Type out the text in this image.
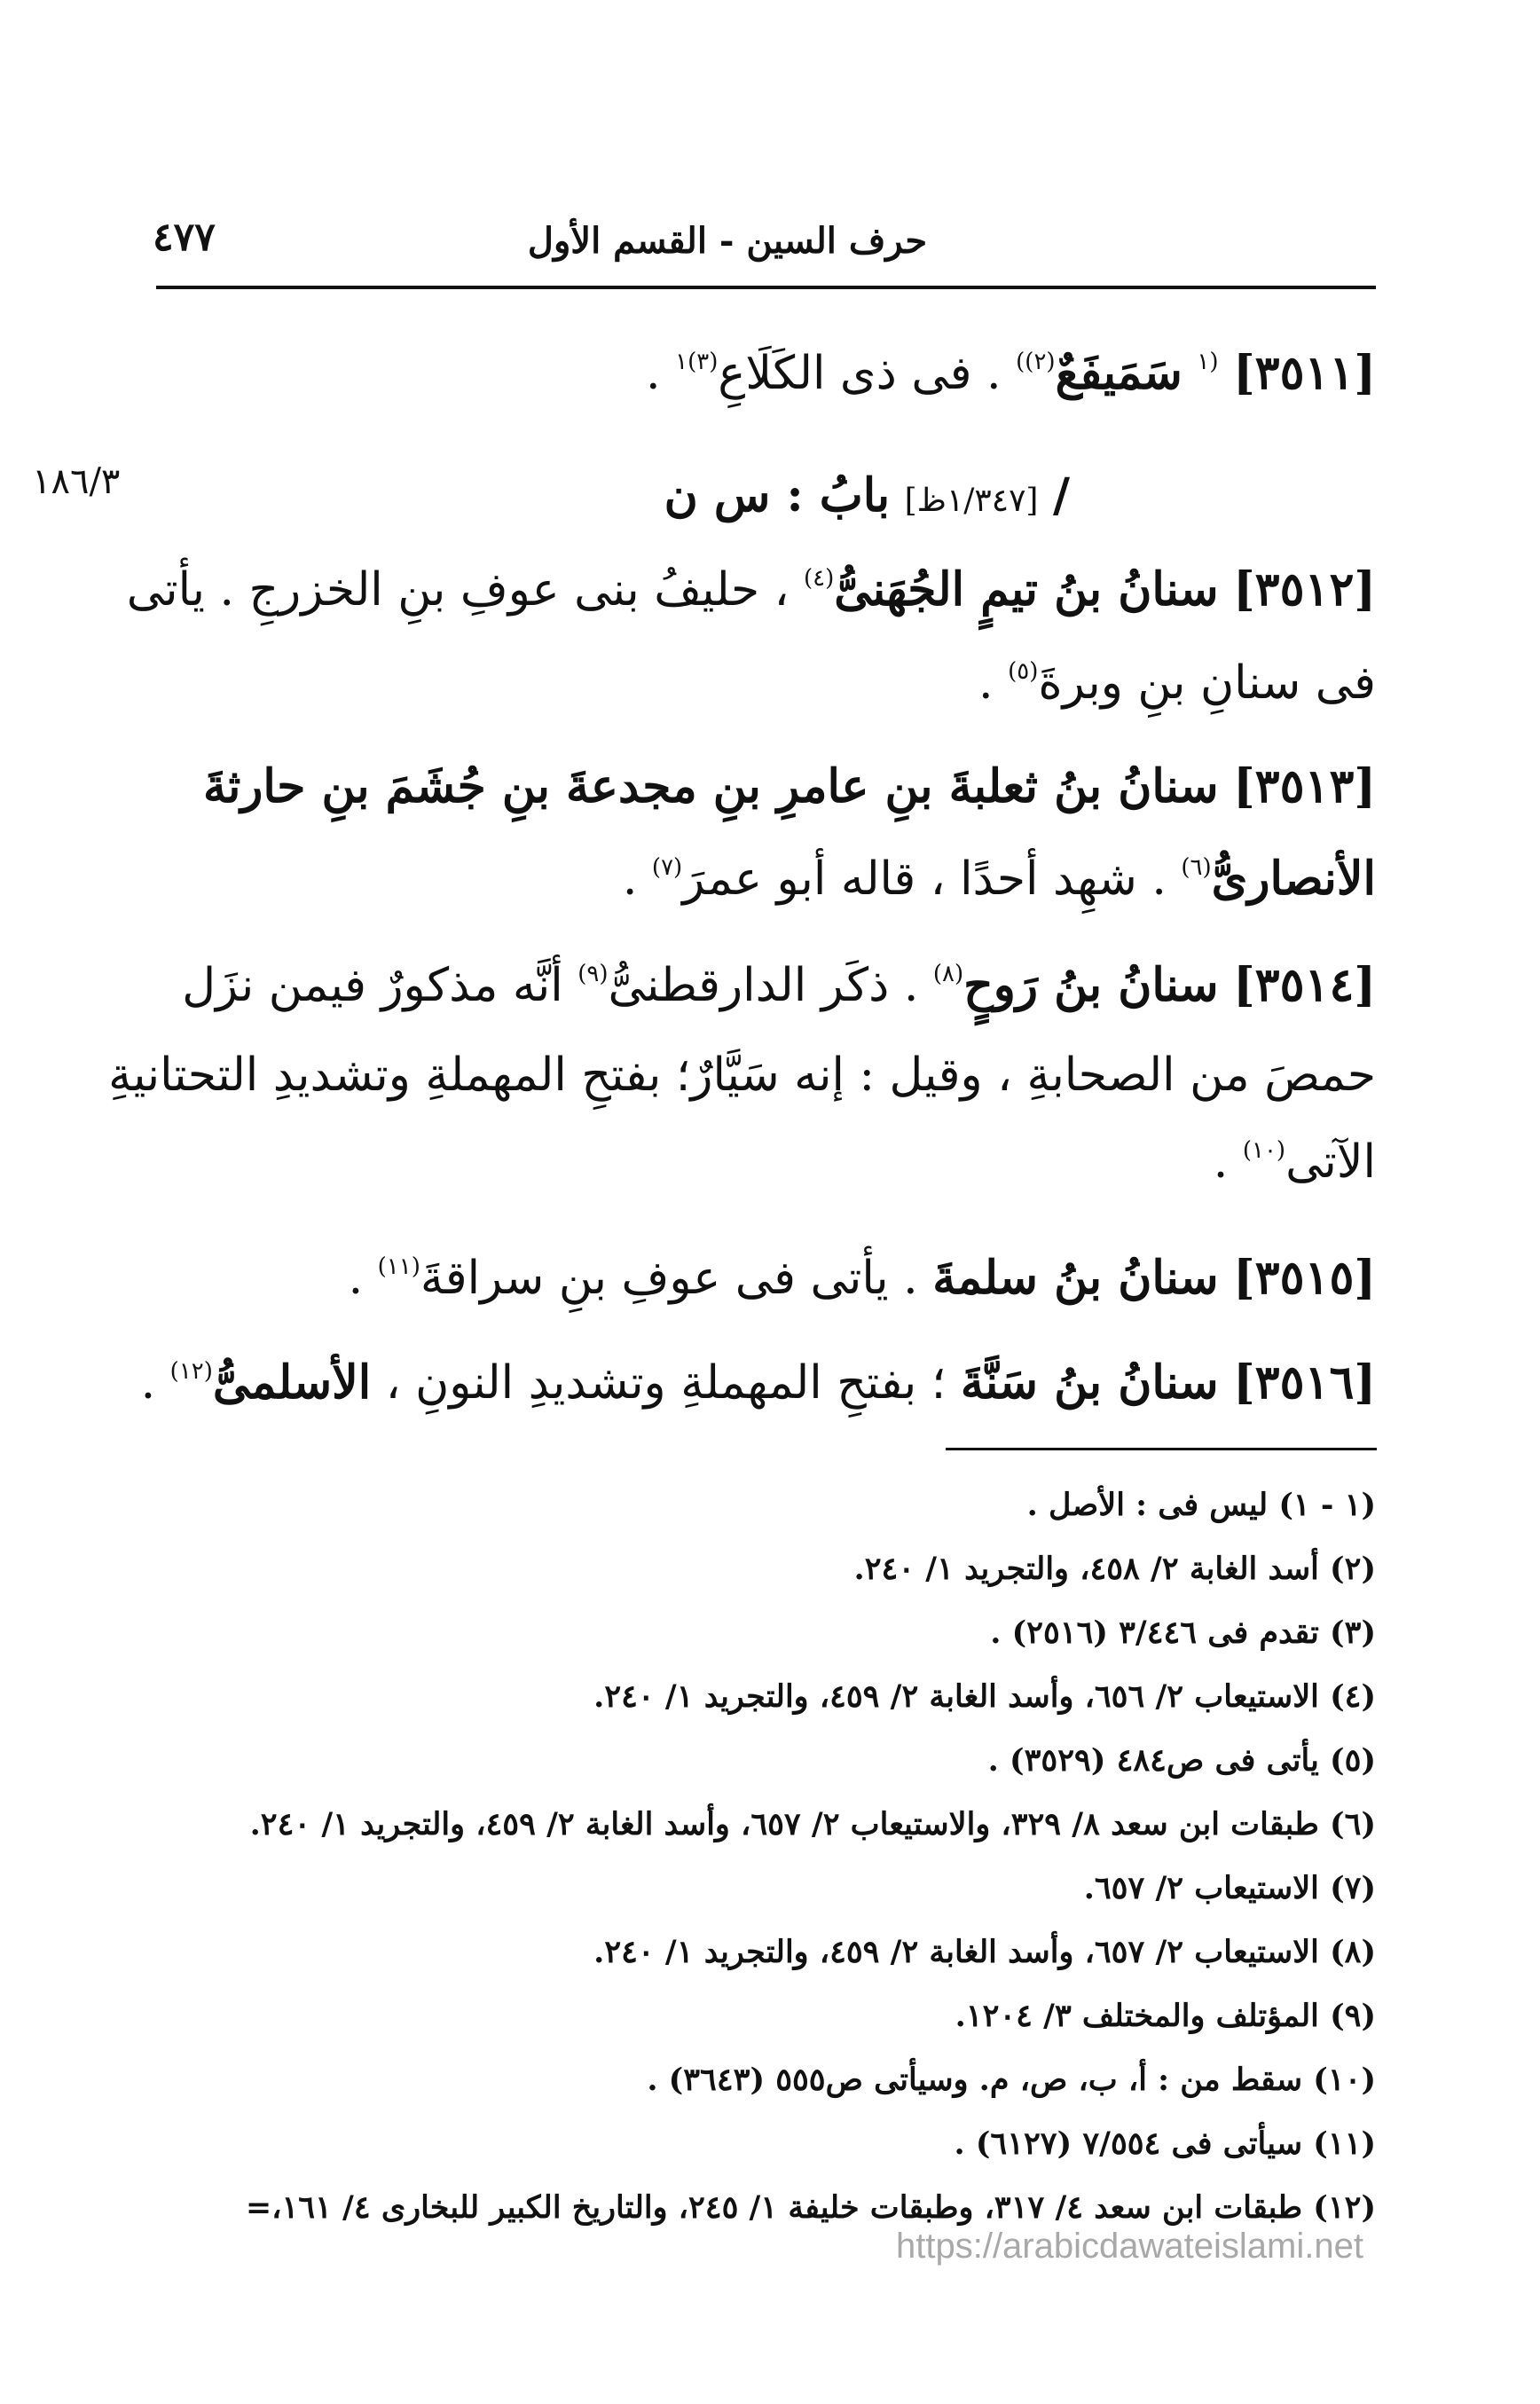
٤٧٧	حرف السين - القسم الأول
١٨٦/٣
[٣٥١١] $^{(١}$ سَمَيفَعٌ$^{(٢))}$ . فى ذى الكَلَاعِ$^{(٣)١}$ .
/ [١/٣٤٧ظ] بابُ : س ن
[٣٥١٢] سنانُ بنُ تيمٍ الجُهَنىُّ$^{(٤)}$ ، حليفُ بنى عوفِ بنِ الخزرجِ . يأتى
فى سنانِ بنِ وبرةَ$^{(٥)}$ .
[٣٥١٣] سنانُ بنُ ثعلبةَ بنِ عامرِ بنِ مجدعةَ بنِ جُشَمَ بنِ حارثةَ
الأنصارىُّ$^{(٦)}$ . شهِد أحدًا ، قاله أبو عمرَ$^{(٧)}$ .
[٣٥١٤] سنانُ بنُ رَوحٍ$^{(٨)}$ . ذكَر الدارقطنىُّ$^{(٩)}$ أنَّه مذكورٌ فيمن نزَل
حمصَ من الصحابةِ ، وقيل : إنه سَيَّارٌ؛ بفتحِ المهملةِ وتشديدِ التحتانيةِ
الآتى$^{(١٠)}$ .
[٣٥١٥] سنانُ بنُ سلمةَ . يأتى فى عوفِ بنِ سراقةَ$^{(١١)}$ .
[٣٥١٦] سنانُ بنُ سَنَّةَ ؛ بفتحِ المهملةِ وتشديدِ النونِ ، الأسلمىُّ$^{(١٢)}$ .
(١ - ١) ليس فى : الأصل .
(٢) أسد الغابة ٢/ ٤٥٨، والتجريد ١/ ٢٤٠.
(٣) تقدم فى ٣/٤٤٦ (٢٥١٦) .
(٤) الاستيعاب ٢/ ٦٥٦، وأسد الغابة ٢/ ٤٥٩، والتجريد ١/ ٢٤٠.
(٥) يأتى فى ص٤٨٤ (٣٥٢٩) .
(٦) طبقات ابن سعد ٨/ ٣٢٩، والاستيعاب ٢/ ٦٥٧، وأسد الغابة ٢/ ٤٥٩، والتجريد ١/ ٢٤٠.
(٧) الاستيعاب ٢/ ٦٥٧.
(٨) الاستيعاب ٢/ ٦٥٧، وأسد الغابة ٢/ ٤٥٩، والتجريد ١/ ٢٤٠.
(٩) المؤتلف والمختلف ٣/ ١٢٠٤.
(١٠) سقط من : أ، ب، ص، م. وسيأتى ص٥٥٥ (٣٦٤٣) .
(١١) سيأتى فى ٧/٥٥٤ (٦١٢٧) .
(١٢) طبقات ابن سعد ٤/ ٣١٧، وطبقات خليفة ١/ ٢٤٥، والتاريخ الكبير للبخارى ٤/ ١٦١،=
https://arabicdawateislami.net
